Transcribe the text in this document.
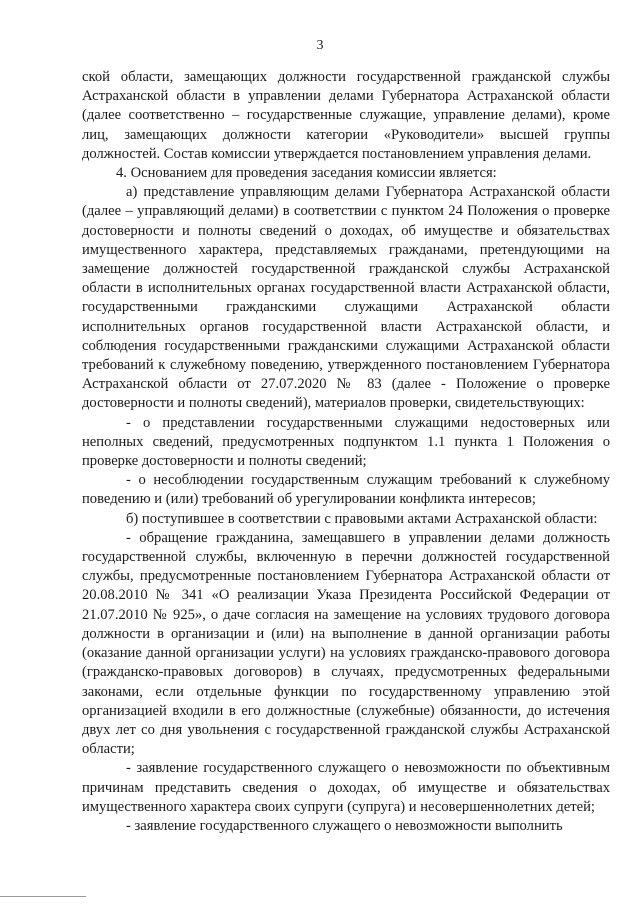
3

ской области, замещающих должности государственной гражданской службы Астраханской области в управлении делами Губернатора Астраханской области (далее соответственно – государственные служащие, управление делами), кроме лиц, замещающих должности категории «Руководители» высшей группы должностей. Состав комиссии утверждается постановлением управления делами.

4. Основанием для проведения заседания комиссии является:

а) представление управляющим делами Губернатора Астраханской области (далее – управляющий делами) в соответствии с пунктом 24 Положения о проверке достоверности и полноты сведений о доходах, об имуществе и обязательствах имущественного характера, представляемых гражданами, претендующими на замещение должностей государственной гражданской службы Астраханской области в исполнительных органах государственной власти Астраханской области, государственными гражданскими служащими Астраханской области исполнительных органов государственной власти Астраханской области, и соблюдения государственными гражданскими служащими Астраханской области требований к служебному поведению, утвержденного постановлением Губернатора Астраханской области от 27.07.2020 № 83 (далее - Положение о проверке достоверности и полноты сведений), материалов проверки, свидетельствующих:

- о представлении государственными служащими недостоверных или неполных сведений, предусмотренных подпунктом 1.1 пункта 1 Положения о проверке достоверности и полноты сведений;

- о несоблюдении государственным служащим требований к служебному поведению и (или) требований об урегулировании конфликта интересов;

б) поступившее в соответствии с правовыми актами Астраханской области:

- обращение гражданина, замещавшего в управлении делами должность государственной службы, включенную в перечни должностей государственной службы, предусмотренные постановлением Губернатора Астраханской области от 20.08.2010 № 341 «О реализации Указа Президента Российской Федерации от 21.07.2010 № 925», о даче согласия на замещение на условиях трудового договора должности в организации и (или) на выполнение в данной организации работы (оказание данной организации услуги) на условиях гражданско-правового договора (гражданско-правовых договоров) в случаях, предусмотренных федеральными законами, если отдельные функции по государственному управлению этой организацией входили в его должностные (служебные) обязанности, до истечения двух лет со дня увольнения с государственной гражданской службы Астраханской области;

- заявление государственного служащего о невозможности по объективным причинам представить сведения о доходах, об имуществе и обязательствах имущественного характера своих супруги (супруга) и несовершеннолетних детей;

- заявление государственного служащего о невозможности выполнить
